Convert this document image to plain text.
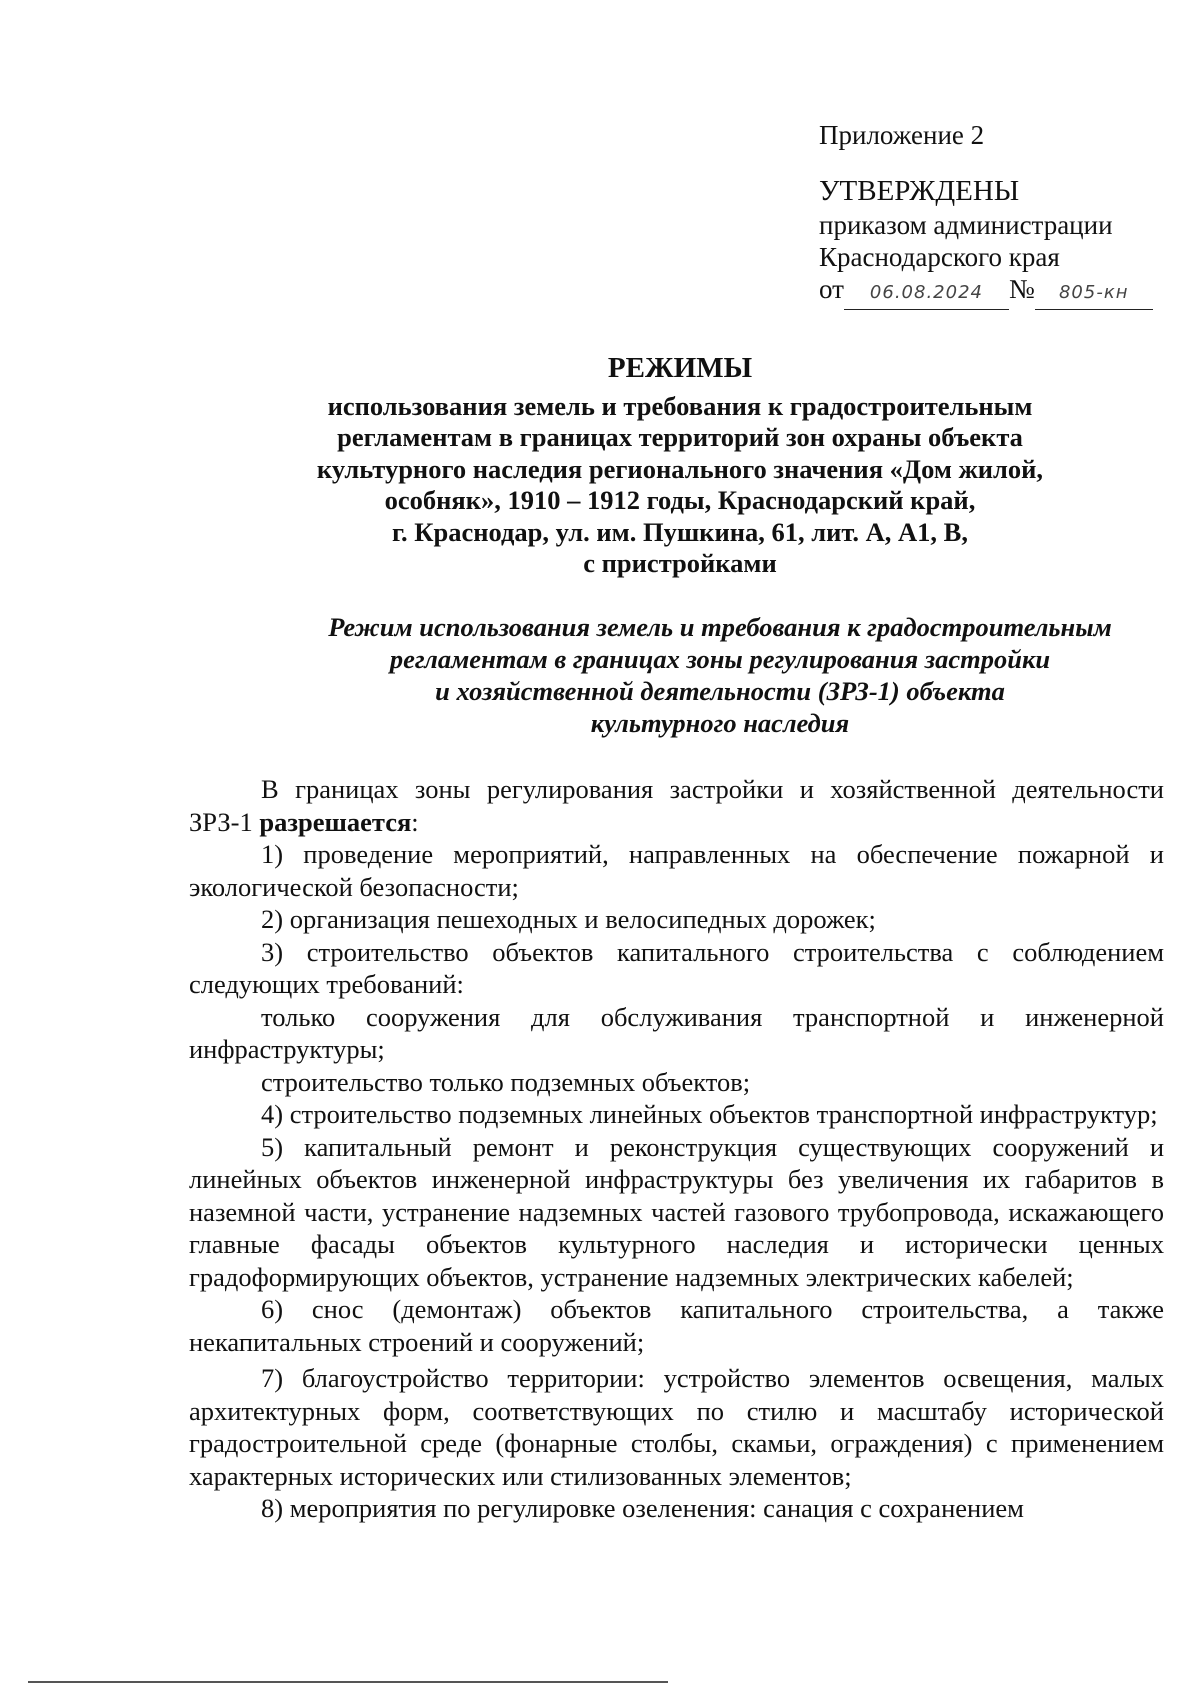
Приложение 2
УТВЕРЖДЕНЫ
приказом администрации
Краснодарского края
от 06.08.2024 № 805-кн
РЕЖИМЫ
использования земель и требования к градостроительным
регламентам в границах территорий зон охраны объекта
культурного наследия регионального значения «Дом жилой,
особняк», 1910 – 1912 годы, Краснодарский край,
г. Краснодар, ул. им. Пушкина, 61, лит. А, А1, В,
с пристройками
Режим использования земель и требования к градостроительным
регламентам в границах зоны регулирования застройки
и хозяйственной деятельности (ЗРЗ-1) объекта
культурного наследия

В границах зоны регулирования застройки и хозяйственной деятельности ЗРЗ-1 разрешается:

1) проведение мероприятий, направленных на обеспечение пожарной и экологической безопасности;

2) организация пешеходных и велосипедных дорожек;

3) строительство объектов капитального строительства с соблюдением следующих требований:

только сооружения для обслуживания транспортной и инженерной инфраструктуры;

строительство только подземных объектов;

4) строительство подземных линейных объектов транспортной инфраструктур;

5) капитальный ремонт и реконструкция существующих сооружений и линейных объектов инженерной инфраструктуры без увеличения их габаритов в наземной части, устранение надземных частей газового трубопровода, искажающего главные фасады объектов культурного наследия и исторически ценных градоформирующих объектов, устранение надземных электрических кабелей;

6) снос (демонтаж) объектов капитального строительства, а также некапитальных строений и сооружений;

7) благоустройство территории: устройство элементов освещения, малых архитектурных форм, соответствующих по стилю и масштабу исторической градостроительной среде (фонарные столбы, скамьи, ограждения) с применением характерных исторических или стилизованных элементов;

8) мероприятия по регулировке озеленения: санация с сохранением
